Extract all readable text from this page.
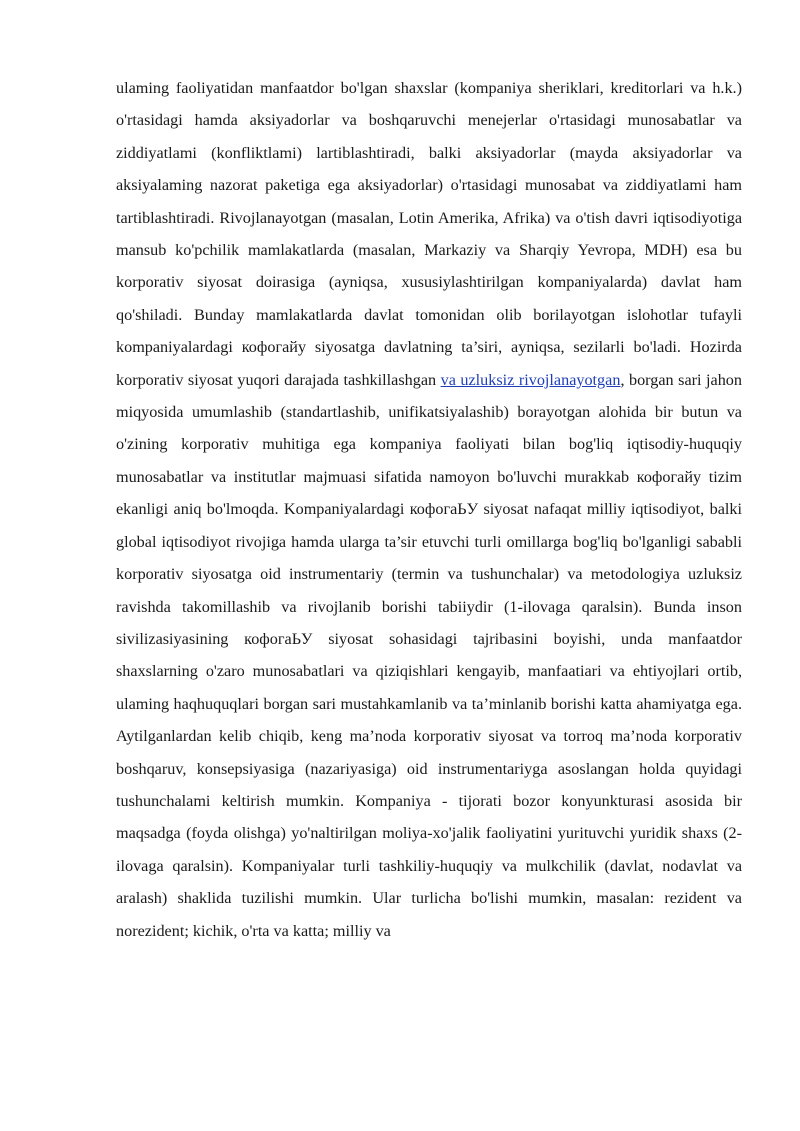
ulaming faoliyatidan manfaatdor bo'lgan shaxslar (kompaniya sheriklari, kreditorlari va h.k.) o'rtasidagi hamda aksiyadorlar va boshqaruvchi menejerlar o'rtasidagi munosabatlar va ziddiyatlami (konfliktlami) lartiblashtiradi, balki aksiyadorlar (mayda aksiyadorlar va aksiyalaming nazorat paketiga ega aksiyadorlar) o'rtasidagi munosabat va ziddiyatlami ham tartiblashtiradi. Rivojlanayotgan (masalan, Lotin Amerika, Afrika) va o'tish davri iqtisodiyotiga mansub ko'pchilik mamlakatlarda (masalan, Markaziy va Sharqiy Yevropa, MDH) esa bu korporativ siyosat doirasiga (ayniqsa, xususiylashtirilgan kompaniyalarda) davlat ham qo'shiladi. Bunday mamlakatlarda davlat tomonidan olib borilayotgan islohotlar tufayli kompaniyalardagi кофогайу siyosatga davlatning ta’siri, ayniqsa, sezilarli bo'ladi. Hozirda korporativ siyosat yuqori darajada tashkillashgan va uzluksiz rivojlanayotgan, borgan sari jahon miqyosida umumlashib (standartlashib, unifikatsiyalashib) borayotgan alohida bir butun va o'zining korporativ muhitiga ega kompaniya faoliyati bilan bog'liq iqtisodiy-huquqiy munosabatlar va institutlar majmuasi sifatida namoyon bo'luvchi murakkab кофогайу tizim ekanligi aniq bo'lmoqda. Kompaniyalardagi кофогаЬУ siyosat nafaqat milliy iqtisodiyot, balki global iqtisodiyot rivojiga hamda ularga ta’sir etuvchi turli omillarga bog'liq bo'lganligi sababli korporativ siyosatga oid instrumentariy (termin va tushunchalar) va metodologiya uzluksiz ravishda takomillashib va rivojlanib borishi tabiiydir (1-ilovaga qaralsin). Bunda inson sivilizasiyasining кофогаЬУ siyosat sohasidagi tajribasini boyishi, unda manfaatdor shaxslarning o'zaro munosabatlari va qiziqishlari kengayib, manfaatiari va ehtiyojlari ortib, ulaming haqhuquqlari borgan sari mustahkamlanib va ta’minlanib borishi katta ahamiyatga ega. Aytilganlardan kelib chiqib, keng ma’noda korporativ siyosat va torroq ma’noda korporativ boshqaruv, konsepsiyasiga (nazariyasiga) oid instrumentariyga asoslangan holda quyidagi tushunchalami keltirish mumkin. Kompaniya - tijorati bozor konyunkturasi asosida bir maqsadga (foyda olishga) yo'naltirilgan moliya-xo'jalik faoliyatini yurituvchi yuridik shaxs (2-ilovaga qaralsin). Kompaniyalar turli tashkiliy-huquqiy va mulkchilik (davlat, nodavlat va aralash) shaklida tuzilishi mumkin. Ular turlicha bo'lishi mumkin, masalan: rezident va norezident; kichik, o'rta va katta; milliy va
